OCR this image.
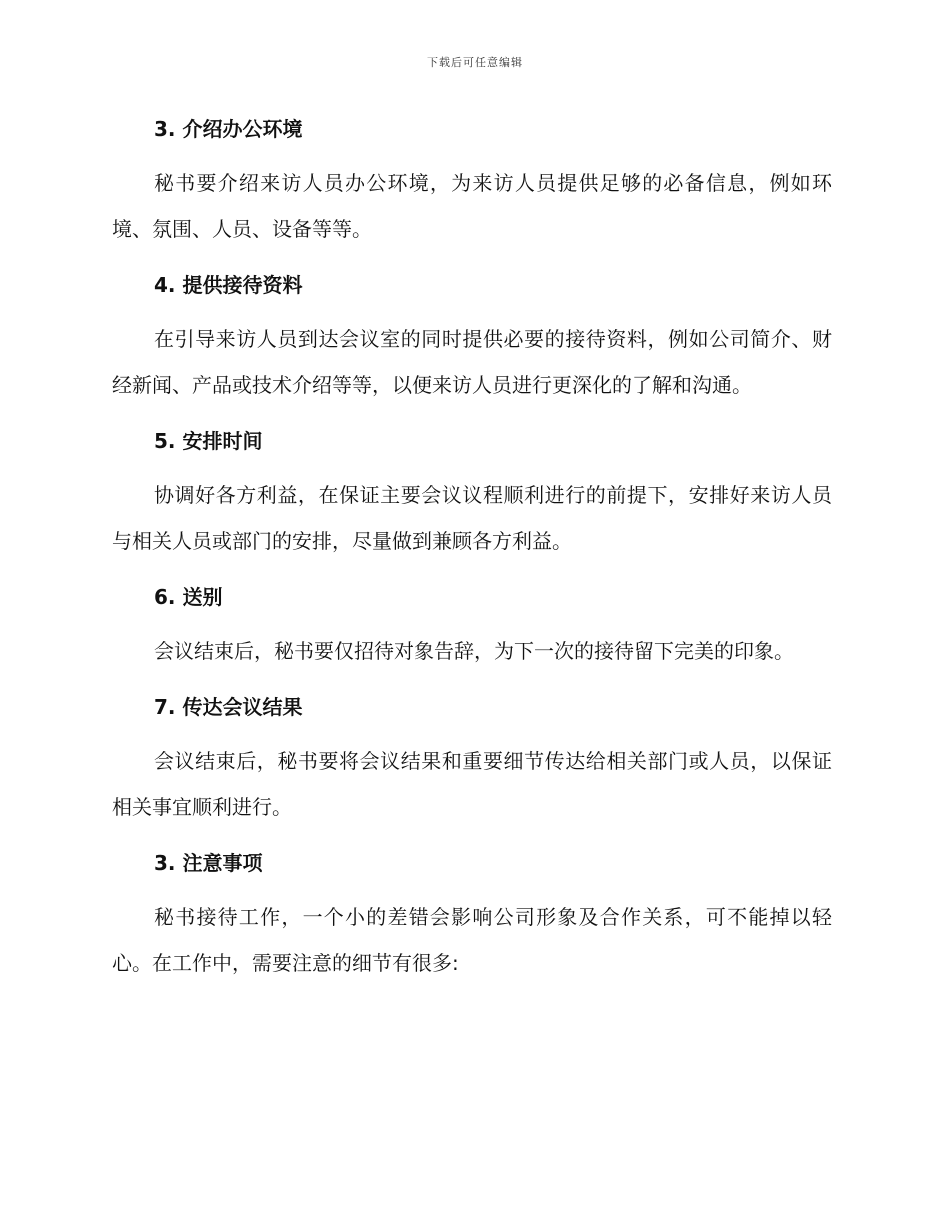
下载后可任意编辑
3. 介绍办公环境

秘书要介绍来访人员办公环境，为来访人员提供足够的必备信息，例如环境、氛围、人员、设备等等。

4. 提供接待资料

在引导来访人员到达会议室的同时提供必要的接待资料，例如公司简介、财经新闻、产品或技术介绍等等，以便来访人员进行更深化的了解和沟通。

5. 安排时间

协调好各方利益，在保证主要会议议程顺利进行的前提下，安排好来访人员与相关人员或部门的安排，尽量做到兼顾各方利益。

6. 送别

会议结束后，秘书要仅招待对象告辞，为下一次的接待留下完美的印象。

7. 传达会议结果

会议结束后，秘书要将会议结果和重要细节传达给相关部门或人员，以保证相关事宜顺利进行。

3. 注意事项

秘书接待工作，一个小的差错会影响公司形象及合作关系，可不能掉以轻心。在工作中，需要注意的细节有很多:
